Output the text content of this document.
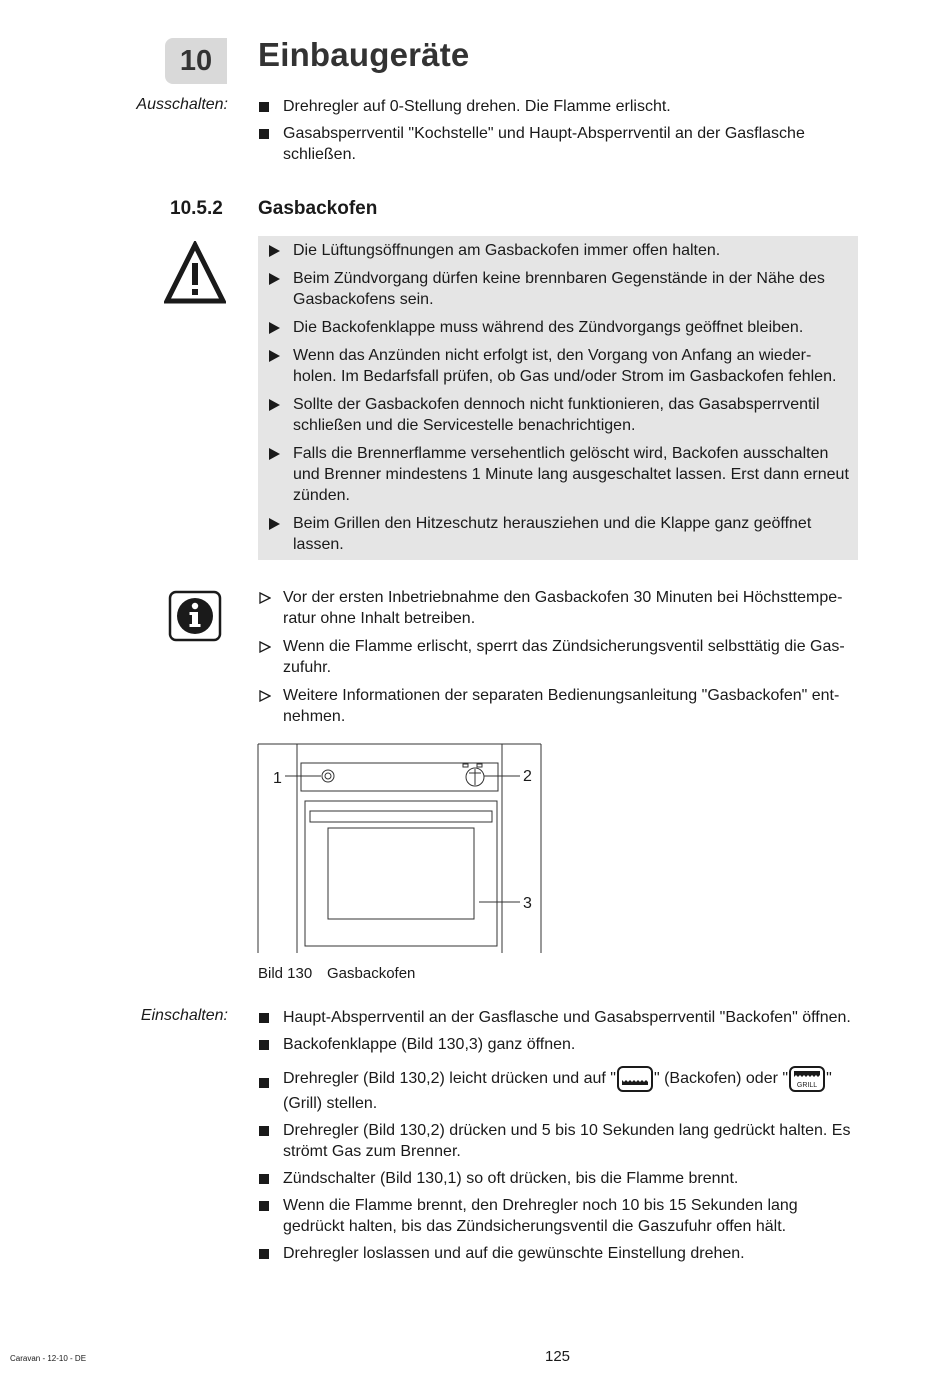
10 Einbaugeräte
Ausschalten:	Drehregler auf 0-Stellung drehen. Die Flamme erlischt.
Gasabsperrventil "Kochstelle" und Haupt-Absperrventil an der Gasflasche schließen.
10.5.2 Gasbackofen
Die Lüftungsöffnungen am Gasbackofen immer offen halten.
Beim Zündvorgang dürfen keine brennbaren Gegenstände in der Nähe des Gasbackofens sein.
Die Backofenklappe muss während des Zündvorgangs geöffnet bleiben.
Wenn das Anzünden nicht erfolgt ist, den Vorgang von Anfang an wieder-holen. Im Bedarfsfall prüfen, ob Gas und/oder Strom im Gasbackofen fehlen.
Sollte der Gasbackofen dennoch nicht funktionieren, das Gasabsperrventil schließen und die Servicestelle benachrichtigen.
Falls die Brennerflamme versehentlich gelöscht wird, Backofen ausschalten und Brenner mindestens 1 Minute lang ausgeschaltet lassen. Erst dann erneut zünden.
Beim Grillen den Hitzeschutz herausziehen und die Klappe ganz geöffnet lassen.
Vor der ersten Inbetriebnahme den Gasbackofen 30 Minuten bei Höchsttempe-ratur ohne Inhalt betreiben.
Wenn die Flamme erlischt, sperrt das Zündsicherungsventil selbsttätig die Gas-zufuhr.
Weitere Informationen der separaten Bedienungsanleitung "Gasbackofen" ent-nehmen.
1	2
3
Bild 130 Gasbackofen
Einschalten:	Haupt-Absperrventil an der Gasflasche und Gasabsperrventil "Backofen" öffnen.
Backofenklappe (Bild 130,3) ganz öffnen.
Drehregler (Bild 130,2) leicht drücken und auf " " (Backofen) oder " GRILL " (Grill) stellen.
Drehregler (Bild 130,2) drücken und 5 bis 10 Sekunden lang gedrückt halten. Es strömt Gas zum Brenner.
Zündschalter (Bild 130,1) so oft drücken, bis die Flamme brennt.
Wenn die Flamme brennt, den Drehregler noch 10 bis 15 Sekunden lang gedrückt halten, bis das Zündsicherungsventil die Gaszufuhr offen hält.
Drehregler loslassen und auf die gewünschte Einstellung drehen.
Caravan - 12-10 - DE	125
